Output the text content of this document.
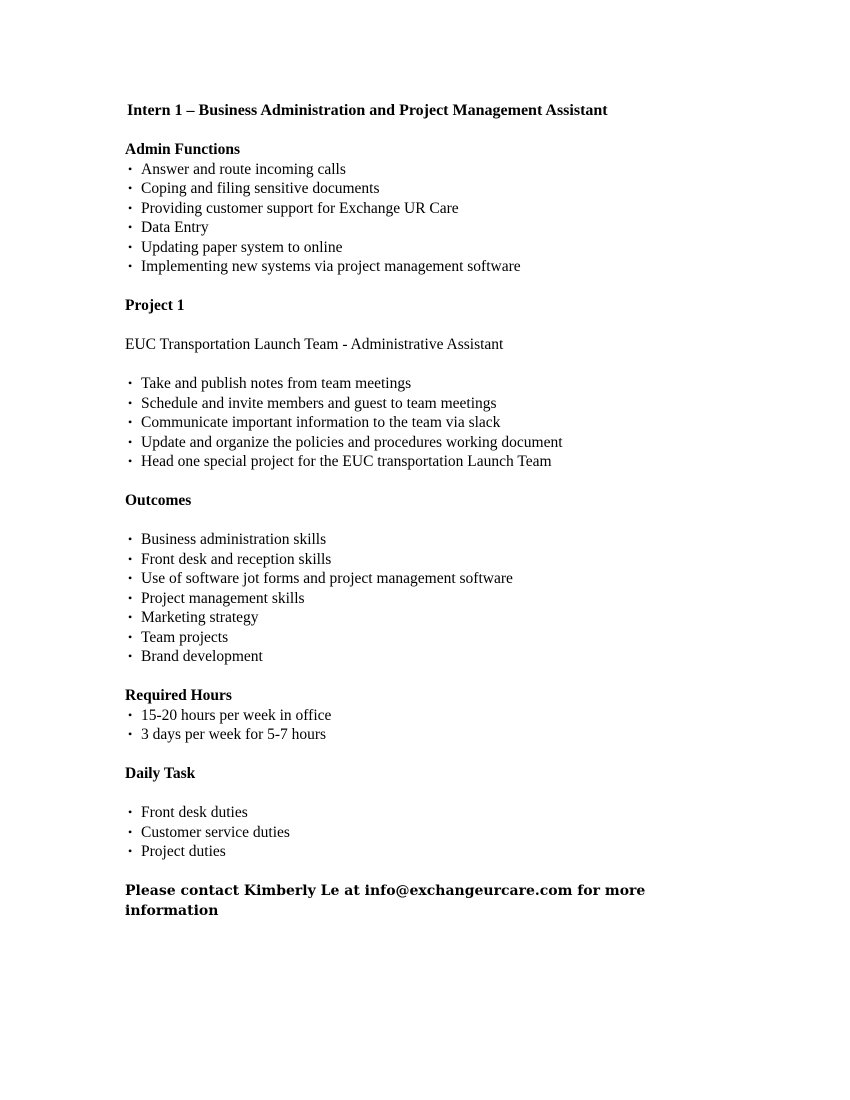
Intern 1 – Business Administration and Project Management Assistant
Admin Functions
• Answer and route incoming calls
• Coping and filing sensitive documents
• Providing customer support for Exchange UR Care
• Data Entry
• Updating paper system to online
• Implementing new systems via project management software
Project 1
EUC Transportation Launch Team - Administrative Assistant
• Take and publish notes from team meetings
• Schedule and invite members and guest to team meetings
• Communicate important information to the team via slack
• Update and organize the policies and procedures working document
• Head one special project for the EUC transportation Launch Team
Outcomes
• Business administration skills
• Front desk and reception skills
• Use of software jot forms and project management software
• Project management skills
• Marketing strategy
• Team projects
• Brand development
Required Hours
• 15-20 hours per week in office
• 3 days per week for 5-7 hours
Daily Task
• Front desk duties
• Customer service duties
• Project duties
Please contact Kimberly Le at info@exchangeurcare.com for more information
